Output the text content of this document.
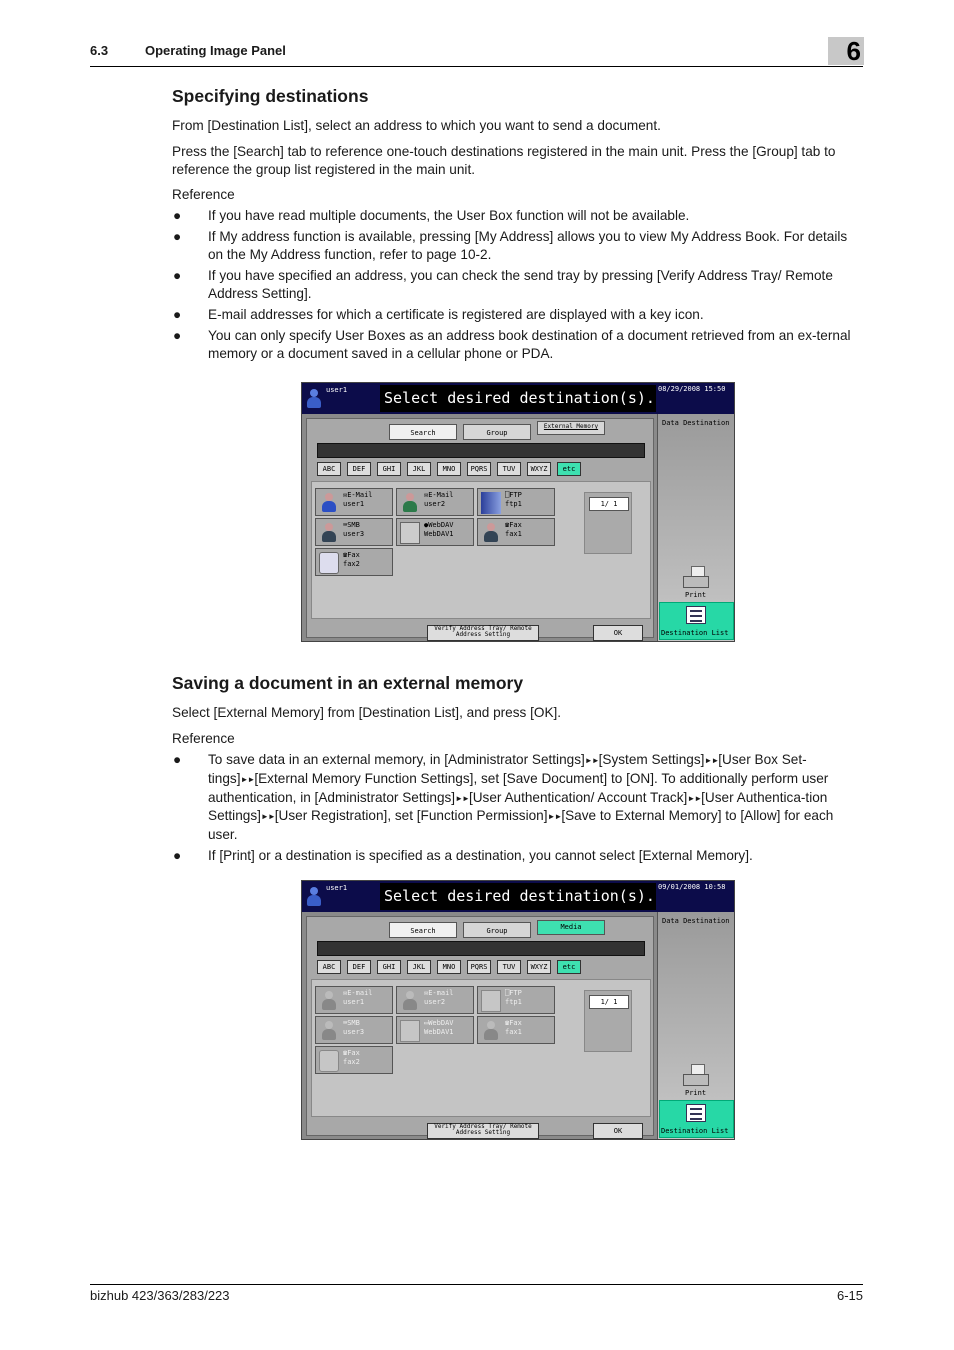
6.3	Operating Image Panel	6
Specifying destinations

From [Destination List], select an address to which you want to send a document.

Press the [Search] tab to reference one-touch destinations registered in the main unit. Press the [Group] tab to reference the group list registered in the main unit.

Reference

● If you have read multiple documents, the User Box function will not be available.
● If My address function is available, pressing [My Address] allows you to view My Address Book. For details on the My Address function, refer to page 10-2.
● If you have specified an address, you can check the send tray by pressing [Verify Address Tray/ Remote Address Setting].
● E-mail addresses for which a certificate is registered are displayed with a key icon.
● You can only specify User Boxes as an address book destination of a document retrieved from an ex-ternal memory or a document saved in a cellular phone or PDA.
user1 Select desired destination(s). 08/29/2008 15:50
Search	Group
External Memory
ABC	DEF	GHI	JKL	MNO	PQRS	TUV	WXYZ	etc
✉E-Mail
user1
✉E-Mail
user2
⎕FTP
ftp1
⌨SMB
user3
●WebDAV
WebDAV1
☎Fax
fax1
☎Fax
fax2
1/ 1
Verify Address Tray/ Remote Address Setting	OK
Data Destination
Print
Destination List
Saving a document in an external memory

Select [External Memory] from [Destination List], and press [OK].

Reference

● To save data in an external memory, in [Administrator Settings]►►[System Settings]►►[User Box Set-tings]►►[External Memory Function Settings], set [Save Document] to [ON]. To additionally perform user authentication, in [Administrator Settings]►►[User Authentication/ Account Track]►►[User Authentica-tion Settings]►►[User Registration], set [Function Permission]►►[Save to External Memory] to [Allow] for each user.
● If [Print] or a destination is specified as a destination, you cannot select [External Memory].
user1 Select desired destination(s). 09/01/2008 10:58
Search	Group	Media
ABC	DEF	GHI	JKL	MNO	PQRS	TUV	WXYZ	etc
✉E-mail
user1
✉E-mail
user2
⎕FTP
ftp1
⌨SMB
user3
▭WebDAV
WebDAV1
☎Fax
fax1
☎Fax
fax2
1/ 1
Verify Address Tray/ Remote Address Setting	OK
Data Destination
Print
Destination List
bizhub 423/363/283/223	6-15
